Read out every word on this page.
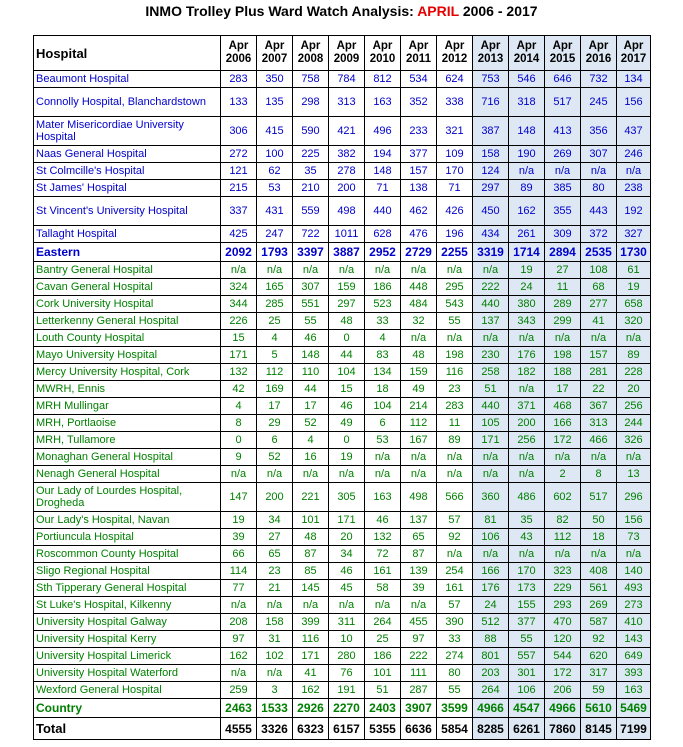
INMO Trolley Plus Ward Watch Analysis: APRIL 2006 - 2017
Hospital	Apr 2006	Apr 2007	Apr 2008	Apr 2009	Apr 2010	Apr 2011	Apr 2012	Apr 2013	Apr 2014	Apr 2015	Apr 2016	Apr 2017
Beaumont Hospital	283	350	758	784	812	534	624	753	546	646	732	134
Connolly Hospital, Blanchardstown	133	135	298	313	163	352	338	716	318	517	245	156
Mater Misericordiae University Hospital	306	415	590	421	496	233	321	387	148	413	356	437
Naas General Hospital	272	100	225	382	194	377	109	158	190	269	307	246
St Colmcille's Hospital	121	62	35	278	148	157	170	124	n/a	n/a	n/a	n/a
St James' Hospital	215	53	210	200	71	138	71	297	89	385	80	238
St Vincent's University Hospital	337	431	559	498	440	462	426	450	162	355	443	192
Tallaght Hospital	425	247	722	1011	628	476	196	434	261	309	372	327
Eastern	2092	1793	3397	3887	2952	2729	2255	3319	1714	2894	2535	1730
Bantry General Hospital	n/a	n/a	n/a	n/a	n/a	n/a	n/a	n/a	19	27	108	61
Cavan General Hospital	324	165	307	159	186	448	295	222	24	11	68	19
Cork University Hospital	344	285	551	297	523	484	543	440	380	289	277	658
Letterkenny General Hospital	226	25	55	48	33	32	55	137	343	299	41	320
Louth County Hospital	15	4	46	0	4	n/a	n/a	n/a	n/a	n/a	n/a	n/a
Mayo University Hospital	171	5	148	44	83	48	198	230	176	198	157	89
Mercy University Hospital, Cork	132	112	110	104	134	159	116	258	182	188	281	228
MWRH, Ennis	42	169	44	15	18	49	23	51	n/a	17	22	20
MRH Mullingar	4	17	17	46	104	214	283	440	371	468	367	256
MRH, Portlaoise	8	29	52	49	6	112	11	105	200	166	313	244
MRH, Tullamore	0	6	4	0	53	167	89	171	256	172	466	326
Monaghan General Hospital	9	52	16	19	n/a	n/a	n/a	n/a	n/a	n/a	n/a	n/a
Nenagh General Hospital	n/a	n/a	n/a	n/a	n/a	n/a	n/a	n/a	n/a	2	8	13
Our Lady of Lourdes Hospital, Drogheda	147	200	221	305	163	498	566	360	486	602	517	296
Our Lady's Hospital, Navan	19	34	101	171	46	137	57	81	35	82	50	156
Portiuncula Hospital	39	27	48	20	132	65	92	106	43	112	18	73
Roscommon County Hospital	66	65	87	34	72	87	n/a	n/a	n/a	n/a	n/a	n/a
Sligo Regional Hospital	114	23	85	46	161	139	254	166	170	323	408	140
Sth Tipperary General Hospital	77	21	145	45	58	39	161	176	173	229	561	493
St Luke's Hospital, Kilkenny	n/a	n/a	n/a	n/a	n/a	n/a	57	24	155	293	269	273
University Hospital Galway	208	158	399	311	264	455	390	512	377	470	587	410
University Hospital Kerry	97	31	116	10	25	97	33	88	55	120	92	143
University Hospital Limerick	162	102	171	280	186	222	274	801	557	544	620	649
University Hospital Waterford	n/a	n/a	41	76	101	111	80	203	301	172	317	393
Wexford General Hospital	259	3	162	191	51	287	55	264	106	206	59	163
Country	2463	1533	2926	2270	2403	3907	3599	4966	4547	4966	5610	5469
Total	4555	3326	6323	6157	5355	6636	5854	8285	6261	7860	8145	7199
